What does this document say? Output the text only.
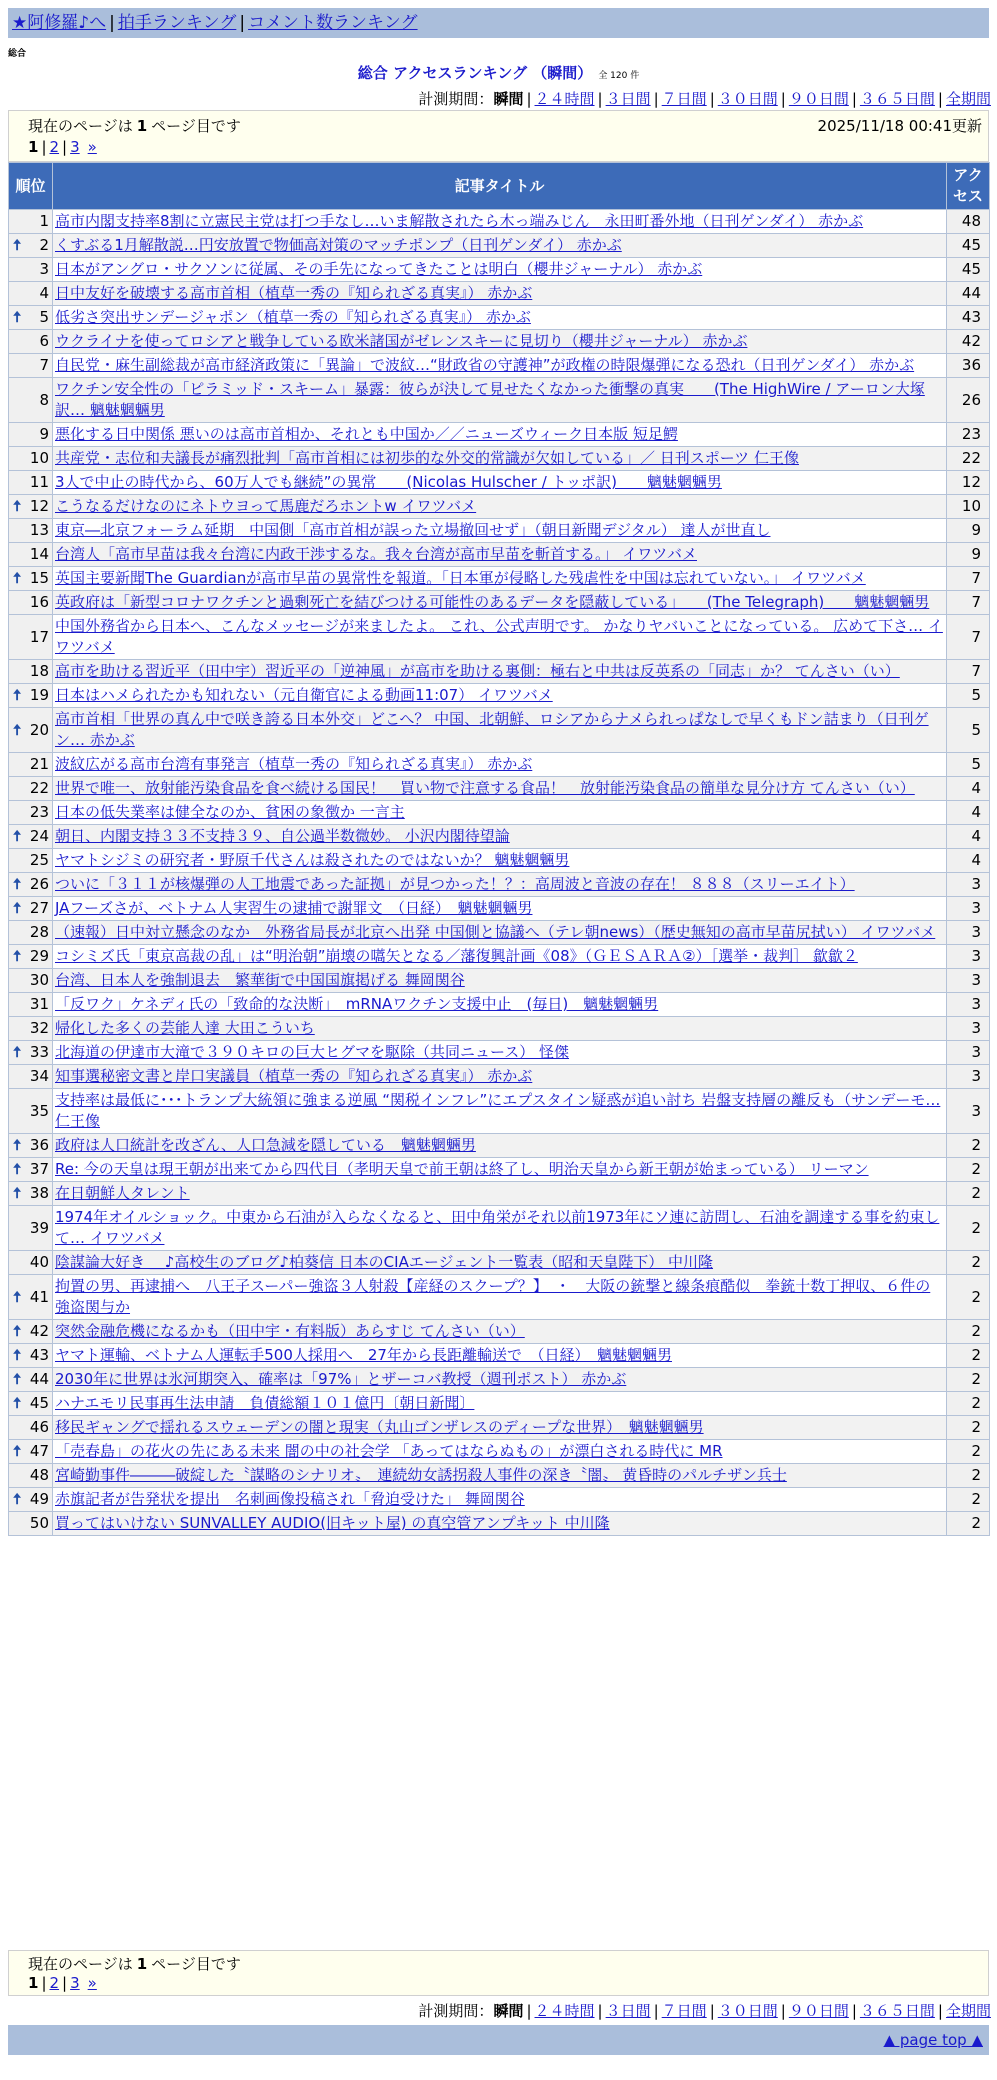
★阿修羅♪へ | 拍手ランキング | コメント数ランキング
総合
総合 アクセスランキング （瞬間） 全 120 件
計測期間：瞬間 | ２４時間 | ３日間 | ７日間 | ３０日間 | ９０日間 | ３６５日間 | 全期間
現在のページは 1 ページ目です	2025/11/18 00:41更新
1 | 2 | 3 »
順位	記事タイトル	アクセス
1	高市内閣支持率8割に立憲民主党は打つ手なし…いま解散されたら木っ端みじん　永田町番外地（日刊ゲンダイ） 赤かぶ	48

🠅 2	くすぶる1月解散説…円安放置で物価高対策のマッチポンプ（日刊ゲンダイ） 赤かぶ	45
3	日本がアングロ・サクソンに従属、その手先になってきたことは明白（櫻井ジャーナル） 赤かぶ	45
4	日中友好を破壊する高市首相（植草一秀の『知られざる真実』） 赤かぶ	44

🠅 5	低劣さ突出サンデージャポン（植草一秀の『知られざる真実』） 赤かぶ	43
6	ウクライナを使ってロシアと戦争している欧米諸国がゼレンスキーに見切り（櫻井ジャーナル） 赤かぶ	42
7	自民党・麻生副総裁が高市経済政策に「異論」で波紋…“財政省の守護神”が政権の時限爆弾になる恐れ（日刊ゲンダイ） 赤かぶ	36
8	ワクチン安全性の「ピラミッド・スキーム」暴露：彼らが決して見せたくなかった衝撃の真実　　(The HighWire / アーロン大塚訳… 魑魅魍魎男	26
9	悪化する日中関係 悪いのは高市首相か、それとも中国か／／ニューズウィーク日本版 短足鰐	23
10	共産党・志位和夫議長が痛烈批判「高市首相には初歩的な外交的常識が欠如している」／ 日刊スポーツ 仁王像	22
11	3人で中止の時代から、60万人でも継続”の異常　　(Nicolas Hulscher / トッポ訳)　　魑魅魍魎男	12

🠅 12	こうなるだけなのにネトウヨって馬鹿だろホントw イワツバメ	10
13	東京―北京フォーラム延期　中国側「高市首相が誤った立場撤回せず」（朝日新聞デジタル） 達人が世直し	9
14	台湾人「高市早苗は我々台湾に内政干渉するな。我々台湾が高市早苗を斬首する。」 イワツバメ	9

🠅 15	英国主要新聞The Guardianが高市早苗の異常性を報道。「日本軍が侵略した残虐性を中国は忘れていない。」 イワツバメ	7
16	英政府は「新型コロナワクチンと過剰死亡を結びつける可能性のあるデータを隠蔽している」　　(The Telegraph)　　魑魅魍魎男	7
17	中国外務省から日本へ、こんなメッセージが来ましたよ。 これ、公式声明です。 かなりヤバいことになっている。 広めて下さ… イワツバメ	7
18	高市を助ける習近平（田中宇）習近平の「逆神風」が高市を助ける裏側：極右と中共は反英系の「同志」か？ てんさい（い）	7

🠅 19	日本はハメられたかも知れない（元自衛官による動画11:07） イワツバメ	5

🠅 20	高市首相「世界の真ん中で咲き誇る日本外交」どこへ？ 中国、北朝鮮、ロシアからナメられっぱなしで早くもドン詰まり（日刊ゲン… 赤かぶ	5
21	波紋広がる高市台湾有事発言（植草一秀の『知られざる真実』） 赤かぶ	5
22	世界で唯一、放射能汚染食品を食べ続ける国民！　買い物で注意する食品！　放射能汚染食品の簡単な見分け方 てんさい（い）	4
23	日本の低失業率は健全なのか、貧困の象徴か 一言主	4

🠅 24	朝日、内閣支持３３不支持３９、自公過半数微妙。 小沢内閣待望論	4
25	ヤマトシジミの研究者・野原千代さんは殺されたのではないか？ 魑魅魍魎男	4

🠅 26	ついに「３１１が核爆弾の人工地震であった証拠」が見つかった！？：高周波と音波の存在！ ８８８（スリーエイト）	3

🠅 27	JAフーズさが、ベトナム人実習生の逮捕で謝罪文　（日経）　魑魅魍魎男	3
28	（速報）日中対立懸念のなか　外務省局長が北京へ出発 中国側と協議へ（テレ朝news）（歴史無知の高市早苗尻拭い） イワツバメ	3

🠅 29	コシミズ氏「東京高裁の乱」は“明治朝”崩壊の嚆矢となる／藩復興計画《08》（ＧＥＳＡＲＡ②）［選挙・裁判］ 歙歙２	3
30	台湾、日本人を強制退去　繁華街で中国国旗掲げる 舞岡関谷	3
31	「反ワク」ケネディ氏の「致命的な決断」　mRNAワクチン支援中止　(毎日)　魑魅魍魎男	3
32	帰化した多くの芸能人達 大田こういち	3

🠅 33	北海道の伊達市大滝で３９０キロの巨大ヒグマを駆除（共同ニュース） 怪傑	3
34	知事選秘密文書と岸口実議員（植草一秀の『知られざる真実』） 赤かぶ	3
35	支持率は最低に･･･トランプ大統領に強まる逆風 “関税インフレ”にエプスタイン疑惑が追い討ち 岩盤支持層の離反も（サンデーモ… 仁王像	3

🠅 36	政府は人口統計を改ざん、人口急減を隠している　魑魅魍魎男	2

🠅 37	Re: 今の天皇は現王朝が出来てから四代目（孝明天皇で前王朝は終了し、明治天皇から新王朝が始まっている） リーマン	2

🠅 38	在日朝鮮人タレント	2
39	1974年オイルショック。中東から石油が入らなくなると、田中角栄がそれ以前1973年にソ連に訪問し、石油を調達する事を約束して… イワツバメ	2
40	陰謀論大好き ＿♪高校生のブログ♪柏葵信 日本のCIAエージェント一覧表（昭和天皇陛下） 中川隆	2

🠅 41	拘置の男、再逮捕へ　八王子スーパー強盗３人射殺【産経のスクープ？】　・　大阪の銃撃と線条痕酷似　拳銃十数丁押収、６件の強盗関与か	2

🠅 42	突然金融危機になるかも（田中宇・有料版）あらすじ てんさい（い）	2

🠅 43	ヤマト運輸、ベトナム人運転手500人採用へ　27年から長距離輸送で　（日経）　魑魅魍魎男	2

🠅 44	2030年に世界は氷河期突入、確率は「97%」とザーコバ教授（週刊ポスト） 赤かぶ	2

🠅 45	ハナエモリ民事再生法申請　負債総額１０１億円〔朝日新聞〕	2
46	移民ギャングで揺れるスウェーデンの闇と現実（丸山ゴンザレスのディープな世界）　魑魅魍魎男	2

🠅 47	「売春島」の花火の先にある未来 闇の中の社会学 「あってはならぬもの」が漂白される時代に MR	2
48	宮崎勤事件―――破綻した〝謀略のシナリオ〟　連続幼女誘拐殺人事件の深き〝闇〟 黄昏時のパルチザン兵士	2

🠅 49	赤旗記者が告発状を提出　名刺画像投稿され「脅迫受けた」 舞岡関谷	2
50	買ってはいけない SUNVALLEY AUDIO(旧キット屋) の真空管アンプキット 中川隆	2
現在のページは 1 ページ目です
1 | 2 | 3 »
計測期間：瞬間 | ２４時間 | ３日間 | ７日間 | ３０日間 | ９０日間 | ３６５日間 | 全期間
▲ page top ▲
